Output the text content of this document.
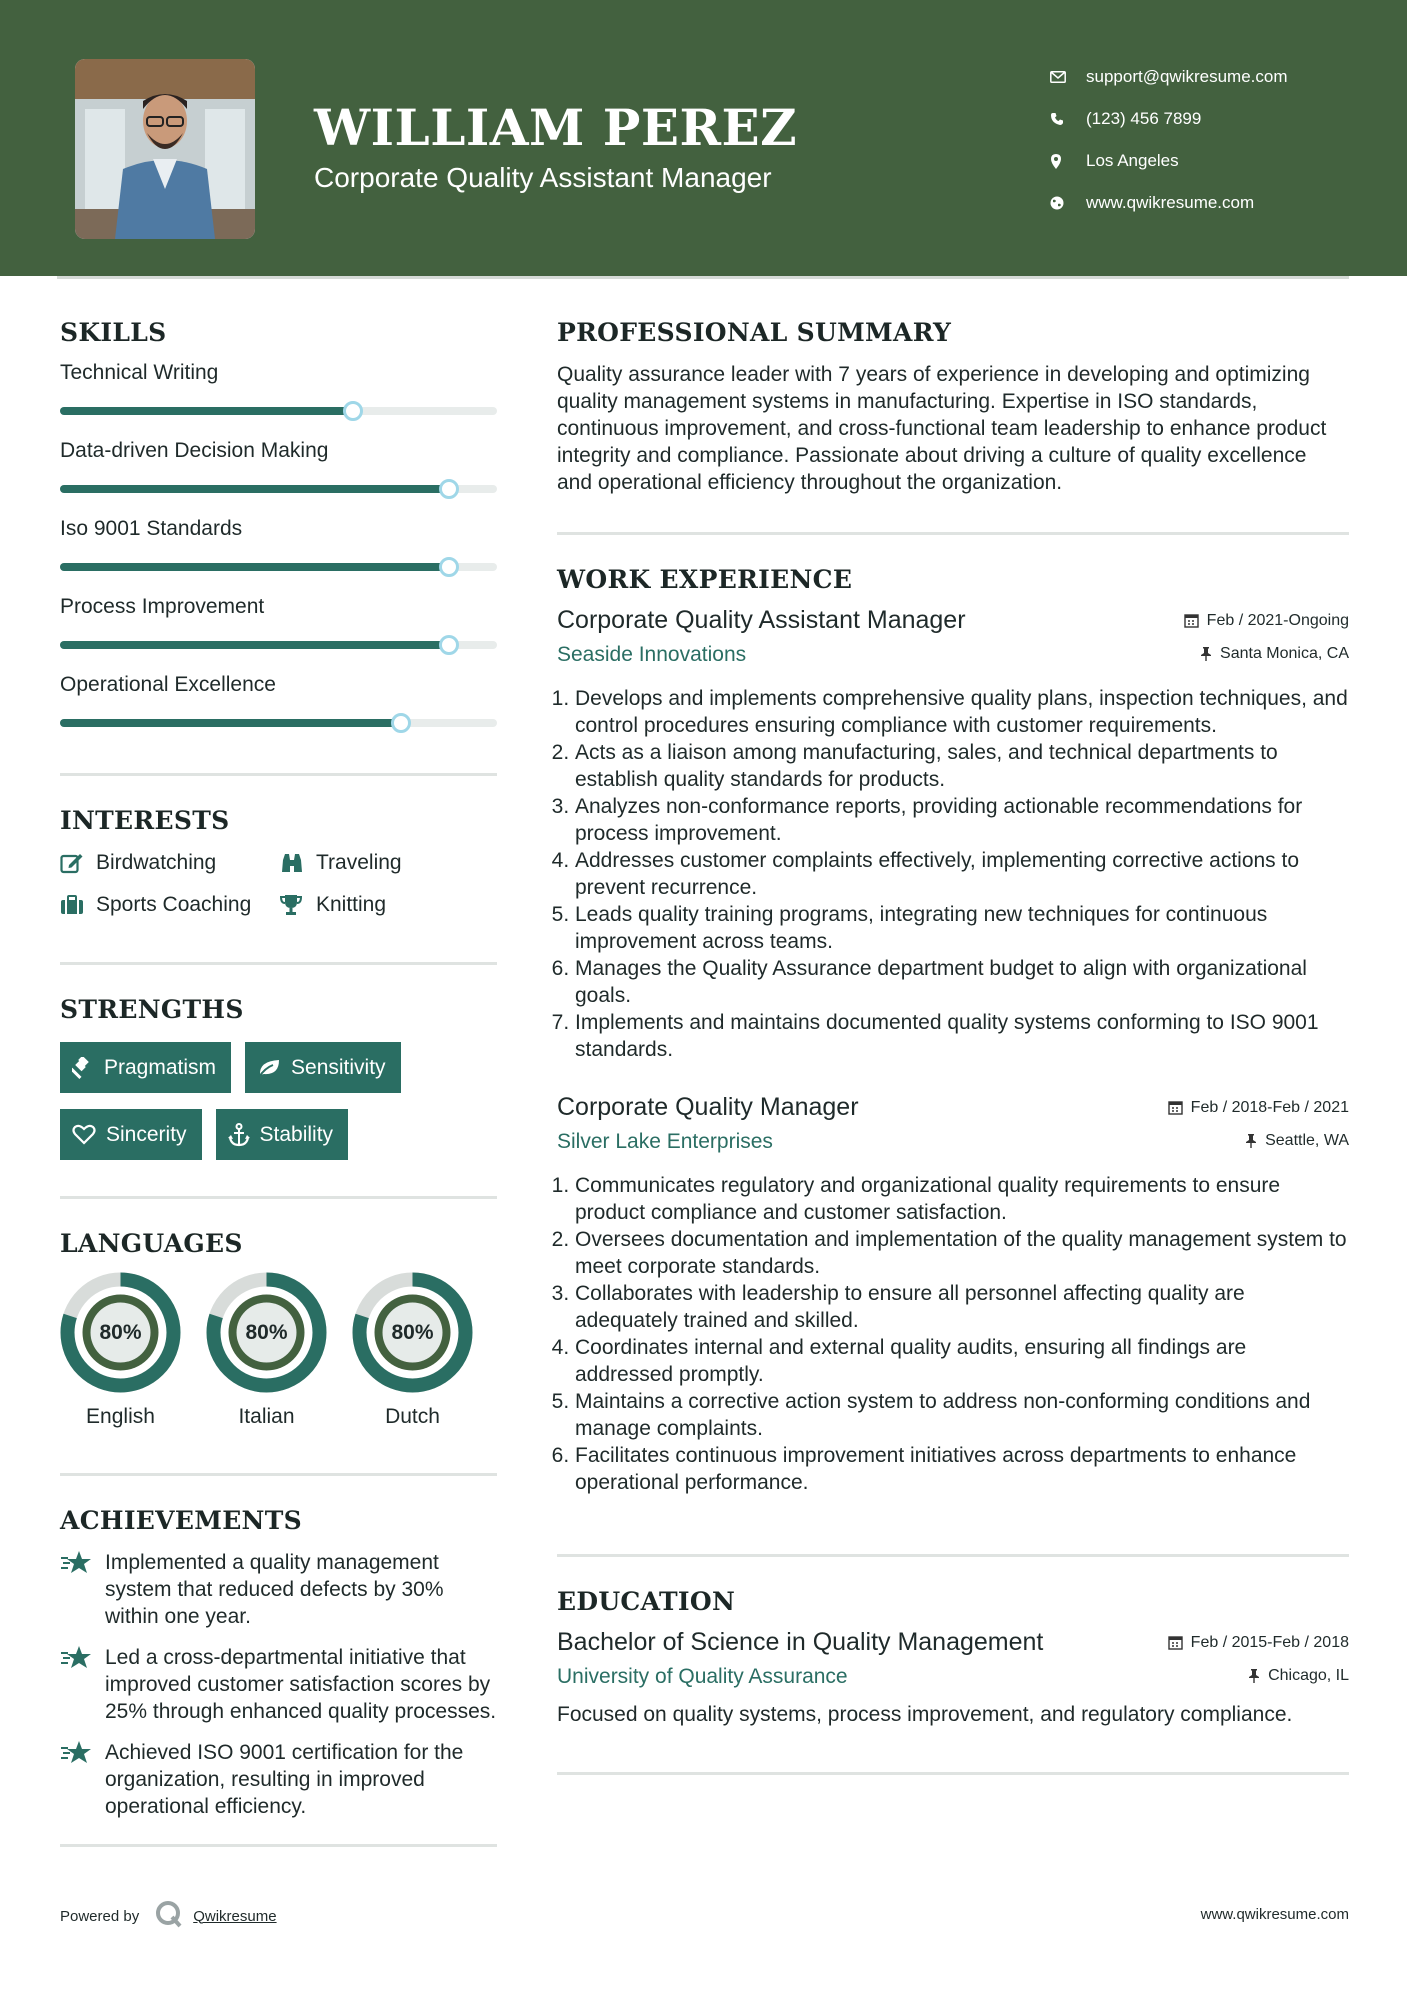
WILLIAM PEREZ
Corporate Quality Assistant Manager
support@qwikresume.com
(123) 456 7899
Los Angeles
www.qwikresume.com
SKILLS
Technical Writing
Data-driven Decision Making
Iso 9001 Standards
Process Improvement
Operational Excellence
INTERESTS
Birdwatching	Traveling
Sports Coaching	Knitting
STRENGTHS
Pragmatism	Sensitivity
Sincerity	Stability
LANGUAGES
80%
English
80%
Italian
80%
Dutch
ACHIEVEMENTS
Implemented a quality management system that reduced defects by 30% within one year.
Led a cross-departmental initiative that improved customer satisfaction scores by 25% through enhanced quality processes.
Achieved ISO 9001 certification for the organization, resulting in improved operational efficiency.
Powered by	Qwikresume	www.qwikresume.com
PROFESSIONAL SUMMARY

Quality assurance leader with 7 years of experience in developing and optimizing quality management systems in manufacturing. Expertise in ISO standards, continuous improvement, and cross-functional team leadership to enhance product integrity and compliance. Passionate about driving a culture of quality excellence and operational efficiency throughout the organization.

WORK EXPERIENCE
Corporate Quality Assistant Manager	Feb / 2021-Ongoing
Seaside Innovations	Santa Monica, CA
1. Develops and implements comprehensive quality plans, inspection techniques, and control procedures ensuring compliance with customer requirements.
2. Acts as a liaison among manufacturing, sales, and technical departments to establish quality standards for products.
3. Analyzes non-conformance reports, providing actionable recommendations for process improvement.
4. Addresses customer complaints effectively, implementing corrective actions to prevent recurrence.
5. Leads quality training programs, integrating new techniques for continuous improvement across teams.
6. Manages the Quality Assurance department budget to align with organizational goals.
7. Implements and maintains documented quality systems conforming to ISO 9001 standards.
Corporate Quality Manager	Feb / 2018-Feb / 2021
Silver Lake Enterprises	Seattle, WA
1. Communicates regulatory and organizational quality requirements to ensure product compliance and customer satisfaction.
2. Oversees documentation and implementation of the quality management system to meet corporate standards.
3. Collaborates with leadership to ensure all personnel affecting quality are adequately trained and skilled.
4. Coordinates internal and external quality audits, ensuring all findings are addressed promptly.
5. Maintains a corrective action system to address non-conforming conditions and manage complaints.
6. Facilitates continuous improvement initiatives across departments to enhance operational performance.
EDUCATION
Bachelor of Science in Quality Management	Feb / 2015-Feb / 2018
University of Quality Assurance	Chicago, IL

Focused on quality systems, process improvement, and regulatory compliance.
